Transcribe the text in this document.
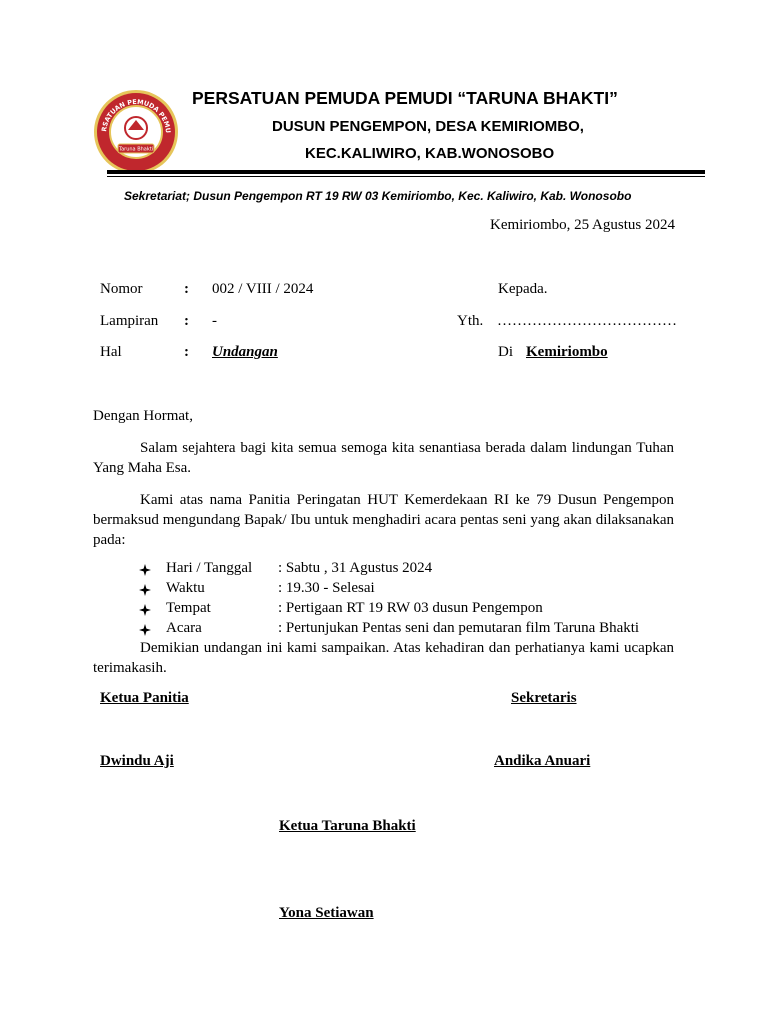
RSATUAN PEMUDA PEMU
Taruna Bhakti
PERSATUAN PEMUDA PEMUDI “TARUNA BHAKTI”
DUSUN PENGEMPON, DESA KEMIRIOMBO,
KEC.KALIWIRO, KAB.WONOSOBO
Sekretariat; Dusun Pengempon RT 19 RW 03 Kemiriombo, Kec. Kaliwiro, Kab. Wonosobo
Kemiriombo, 25 Agustus 2024
Nomor	: 002 / VIII / 2024
Lampiran : -
Hal	: Undangan
Kepada.
Yth. ………………………………
Di Kemiriombo
Dengan Hormat,
Salam sejahtera bagi kita semua semoga kita senantiasa berada dalam lindungan Tuhan Yang Maha Esa.
Kami atas nama Panitia Peringatan HUT Kemerdekaan RI ke 79 Dusun Pengempon bermaksud mengundang Bapak/ Ibu untuk menghadiri acara pentas seni yang akan dilaksanakan pada:
Hari / Tanggal : Sabtu , 31 Agustus 2024
Waktu	: 19.30 - Selesai
Tempat	: Pertigaan RT 19 RW 03 dusun Pengempon
Acara	: Pertunjukan Pentas seni dan pemutaran film Taruna Bhakti
Demikian undangan ini kami sampaikan. Atas kehadiran dan perhatianya kami ucapkan terimakasih.
Ketua Panitia	Sekretaris
Dwindu Aji	Andika Anuari
Ketua Taruna Bhakti
Yona Setiawan
